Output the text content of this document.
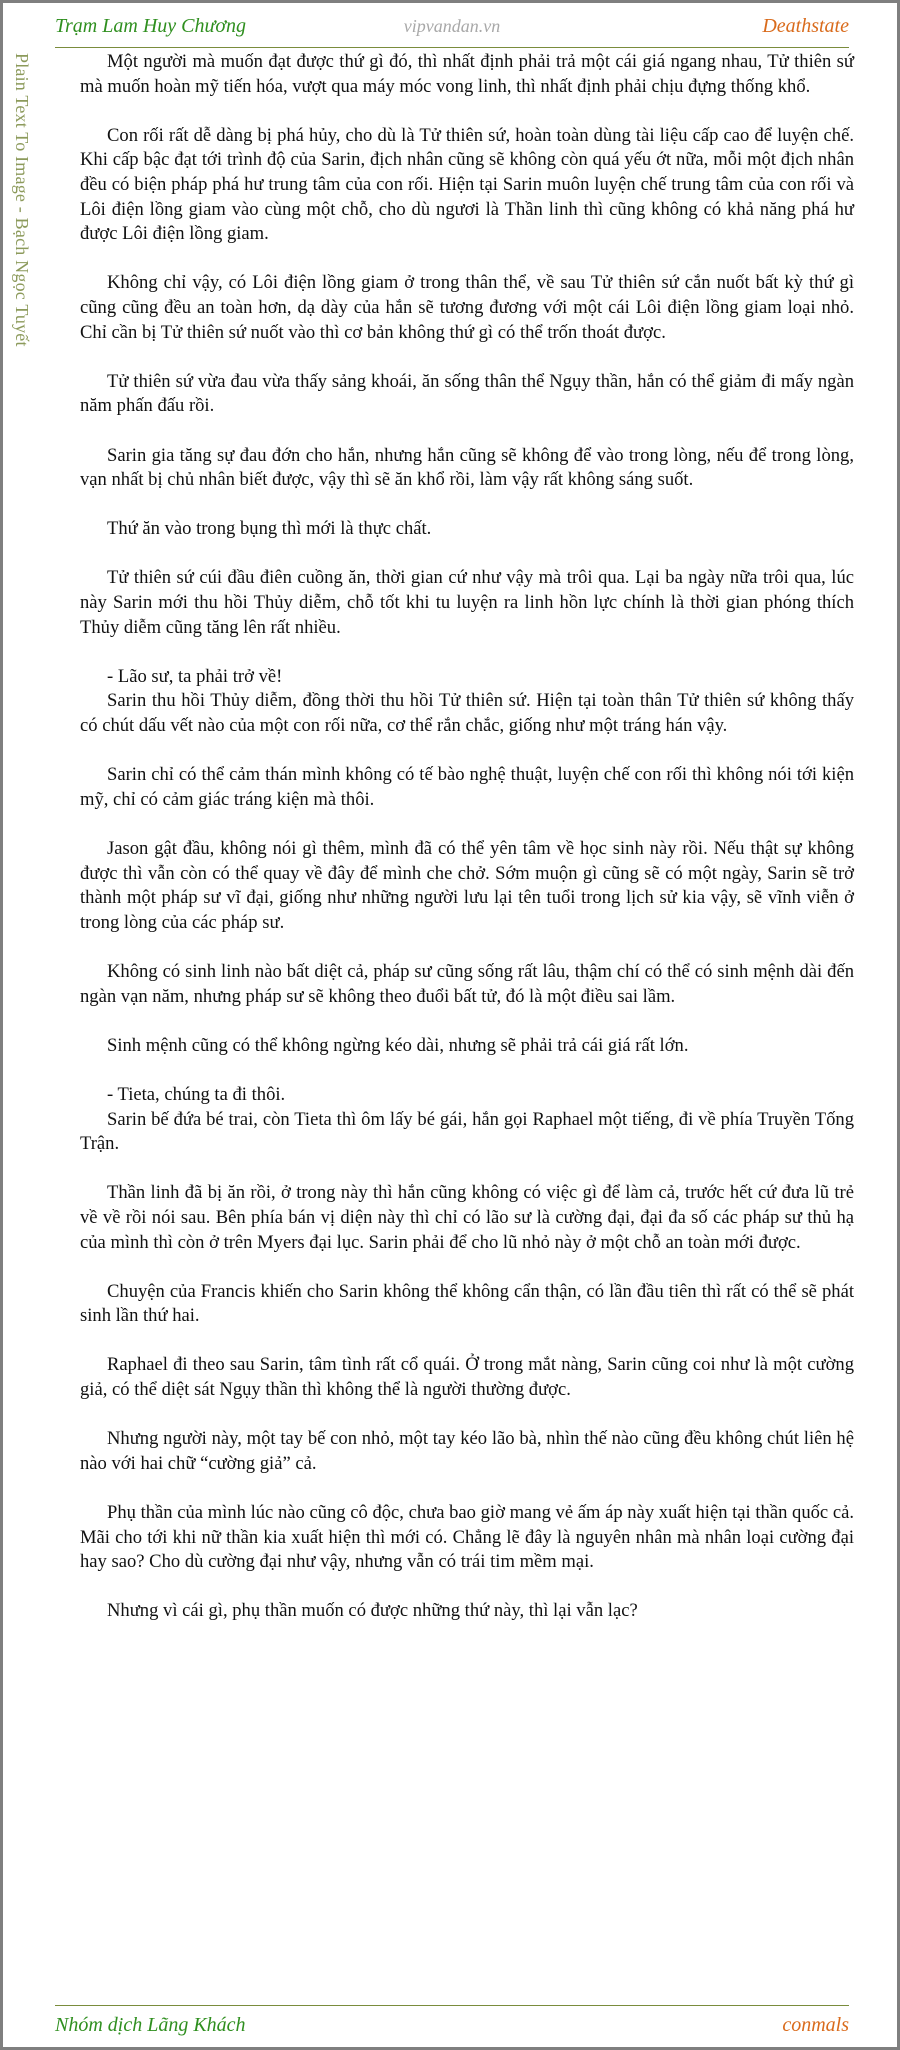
Trạm Lam Huy Chương	vipvandan.vn	Deathstate
Plain Text To Image - Bạch Ngọc Tuyết	Một người mà muốn đạt được thứ gì đó, thì nhất định phải trả một cái giá ngang nhau, Tử thiên sứ mà muốn hoàn mỹ tiến hóa, vượt qua máy móc vong linh, thì nhất định phải chịu đựng thống khổ.

Con rối rất dễ dàng bị phá hủy, cho dù là Tử thiên sứ, hoàn toàn dùng tài liệu cấp cao để luyện chế. Khi cấp bậc đạt tới trình độ của Sarin, địch nhân cũng sẽ không còn quá yếu ớt nữa, mỗi một địch nhân đều có biện pháp phá hư trung tâm của con rối. Hiện tại Sarin muôn luyện chế trung tâm của con rối và Lôi điện lồng giam vào cùng một chỗ, cho dù ngươi là Thần linh thì cũng không có khả năng phá hư được Lôi điện lồng giam.

Không chỉ vậy, có Lôi điện lồng giam ở trong thân thể, về sau Tử thiên sứ cắn nuốt bất kỳ thứ gì cũng cũng đều an toàn hơn, dạ dày của hắn sẽ tương đương với một cái Lôi điện lồng giam loại nhỏ. Chỉ cần bị Tử thiên sứ nuốt vào thì cơ bản không thứ gì có thể trốn thoát được.

Tử thiên sứ vừa đau vừa thấy sảng khoái, ăn sống thân thể Ngụy thần, hắn có thể giảm đi mấy ngàn năm phấn đấu rồi.

Sarin gia tăng sự đau đớn cho hắn, nhưng hắn cũng sẽ không để vào trong lòng, nếu để trong lòng, vạn nhất bị chủ nhân biết được, vậy thì sẽ ăn khổ rồi, làm vậy rất không sáng suốt.

Thứ ăn vào trong bụng thì mới là thực chất.

Tử thiên sứ cúi đầu điên cuồng ăn, thời gian cứ như vậy mà trôi qua. Lại ba ngày nữa trôi qua, lúc này Sarin mới thu hồi Thủy diễm, chỗ tốt khi tu luyện ra linh hồn lực chính là thời gian phóng thích Thủy diễm cũng tăng lên rất nhiều.

- Lão sư, ta phải trở về!

Sarin thu hồi Thủy diễm, đồng thời thu hồi Tử thiên sứ. Hiện tại toàn thân Tử thiên sứ không thấy có chút dấu vết nào của một con rối nữa, cơ thể rắn chắc, giống như một tráng hán vậy.

Sarin chỉ có thể cảm thán mình không có tế bào nghệ thuật, luyện chế con rối thì không nói tới kiện mỹ, chỉ có cảm giác tráng kiện mà thôi.

Jason gật đầu, không nói gì thêm, mình đã có thể yên tâm về học sinh này rồi. Nếu thật sự không được thì vẫn còn có thể quay về đây để mình che chở. Sớm muộn gì cũng sẽ có một ngày, Sarin sẽ trở thành một pháp sư vĩ đại, giống như những người lưu lại tên tuổi trong lịch sử kia vậy, sẽ vĩnh viễn ở trong lòng của các pháp sư.

Không có sinh linh nào bất diệt cả, pháp sư cũng sống rất lâu, thậm chí có thể có sinh mệnh dài đến ngàn vạn năm, nhưng pháp sư sẽ không theo đuổi bất tử, đó là một điều sai lầm.

Sinh mệnh cũng có thể không ngừng kéo dài, nhưng sẽ phải trả cái giá rất lớn.

- Tieta, chúng ta đi thôi.

Sarin bế đứa bé trai, còn Tieta thì ôm lấy bé gái, hắn gọi Raphael một tiếng, đi về phía Truyền Tống Trận.

Thần linh đã bị ăn rồi, ở trong này thì hắn cũng không có việc gì để làm cả, trước hết cứ đưa lũ trẻ về về rồi nói sau. Bên phía bán vị diện này thì chỉ có lão sư là cường đại, đại đa số các pháp sư thủ hạ của mình thì còn ở trên Myers đại lục. Sarin phải để cho lũ nhỏ này ở một chỗ an toàn mới được.

Chuyện của Francis khiến cho Sarin không thể không cẩn thận, có lần đầu tiên thì rất có thể sẽ phát sinh lần thứ hai.

Raphael đi theo sau Sarin, tâm tình rất cổ quái. Ở trong mắt nàng, Sarin cũng coi như là một cường giả, có thể diệt sát Ngụy thần thì không thể là người thường được.

Nhưng người này, một tay bế con nhỏ, một tay kéo lão bà, nhìn thế nào cũng đều không chút liên hệ nào với hai chữ “cường giả” cả.

Phụ thần của mình lúc nào cũng cô độc, chưa bao giờ mang vẻ ấm áp này xuất hiện tại thần quốc cả. Mãi cho tới khi nữ thần kia xuất hiện thì mới có. Chẳng lẽ đây là nguyên nhân mà nhân loại cường đại hay sao? Cho dù cường đại như vậy, nhưng vẫn có trái tim mềm mại.

Nhưng vì cái gì, phụ thần muốn có được những thứ này, thì lại vẫn lạc?

Nhóm dịch Lãng Khách	conmals
